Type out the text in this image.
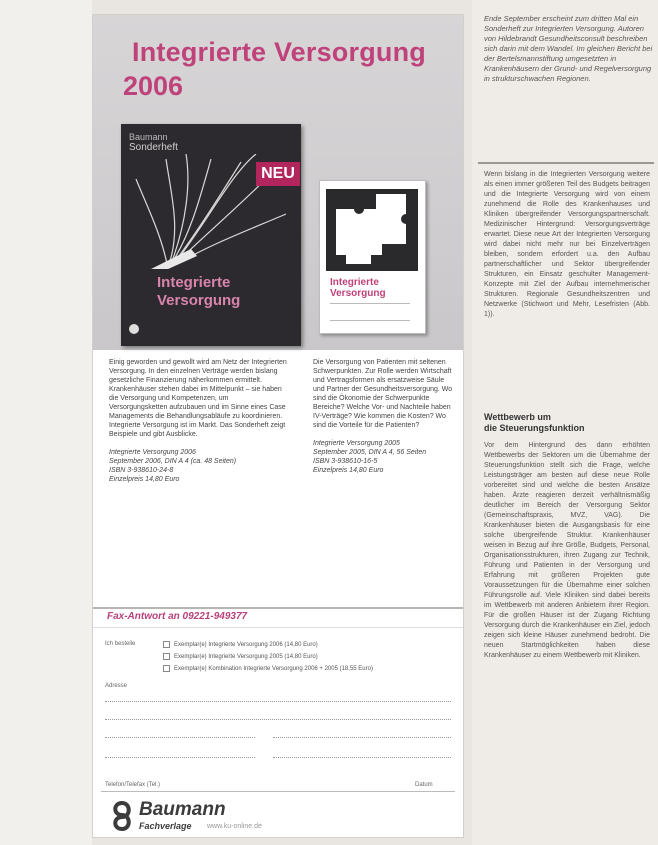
Integrierte Versorgung
2006
Baumann
Sonderheft
Integrierte
Versorgung
NEU
Integrierte
Versorgung

Einig geworden und gewollt wird am Netz der Integrierten Versorgung. In den einzelnen Verträge werden bislang gesetzliche Finanzierung näherkommen ermittelt. Krankenhäuser stehen dabei im Mittelpunkt – sie haben die Versorgung und Kompetenzen, um Versorgungsketten aufzubauen und im Sinne eines Case Managements die Behandlungsabläufe zu koordinieren. Integrierte Versorgung ist im Markt. Das Sonderheft zeigt Beispiele und gibt Ausblicke.

Integrierte Versorgung 2006
September 2006, DIN A 4 (ca. 48 Seiten)
ISBN 3-938610-24-8
Einzelpreis 14,80 Euro

Die Versorgung von Patienten mit seltenen Schwerpunkten. Zur Rolle werden Wirtschaft und Vertragsformen als ersatzweise Säule und Partner der Gesundheitsversorgung. Wo sind die Ökonomie der Schwerpunkte Bereiche? Welche Vor- und Nachteile haben IV-Verträge? Wie kommen die Kosten? Wo sind die Vorteile für die Patienten?

Integrierte Versorgung 2005
September 2005, DIN A 4, 56 Seiten
ISBN 3-938610-16-5
Einzelpreis 14,80 Euro
Fax-Antwort an 09221-949377
Ich bestelle	Exemplar(e) Integrierte Versorgung 2006 (14,80 Euro)
Exemplar(e) Integrierte Versorgung 2005 (14,80 Euro)
Exemplar(e) Kombination Integrierte Versorgung 2006 + 2005 (18,55 Euro)
Adresse
Telefon/Telefax (Tel.)	Datum
Baumann
Fachverlage www.ku-online.de
Ende September erscheint zum dritten Mal ein Sonderheft zur Integrierten Versorgung. Autoren von Hildebrandt Gesundheitsconsult beschreiben sich darin mit dem Wandel. Im gleichen Bericht bei der Bertelsmannstiftung umgesetzten in Krankenhäusern der Grund- und Regelversorgung in strukturschwachen Regionen.
Wenn bislang in die Integrierten Versorgung weitere als einen immer größeren Teil des Budgets beitragen und die Integrierte Versorgung wird von einem zunehmend die Rolle des Krankenhauses und Kliniken übergreifender Versorgungspartnerschaft. Medizinischer Hintergrund: Versorgungsverträge erwartet. Diese neue Art der Integrierten Versorgung wird dabei nicht mehr nur bei Einzelverträgen bleiben, sondern erfordert u.a. den Aufbau partnerschaftlicher und Sektor übergreifender Strukturen, ein Einsatz geschulter Management-Konzepte mit Ziel der Aufbau internehmerischer Strukturen. Regionale Gesundheitszentren und Netzwerke (Stichwort und Mehr, Lesefristen (Abb. 1)).
Wettbewerb um
die Steuerungsfunktion
Vor dem Hintergrund des dann erhöhten Wettbewerbs der Sektoren um die Übernahme der Steuerungsfunktion stellt sich die Frage, welche Leistungsträger am besten auf diese neue Rolle vorbereitet sind und welche die besten Ansätze haben. Ärzte reagieren derzeit verhältnismäßig deutlicher im Bereich der Versorgung Sektor (Gemeinschaftspraxis, MVZ, VAG). Die Krankenhäuser bieten die Ausgangsbasis für eine solche übergreifende Struktur. Krankenhäuser weisen in Bezug auf ihre Größe, Budgets, Personal, Organisationsstrukturen, ihren Zugang zur Technik, Führung und Patienten in der Versorgung und Erfahrung mit größeren Projekten gute Voraussetzungen für die Übernahme einer solchen Führungsrolle auf. Viele Kliniken sind dabei bereits im Wettbewerb mit anderen Anbietern ihrer Region. Für die großen Häuser ist der Zugang Richtung Versorgung durch die Krankenhäuser ein Ziel, jedoch zeigen sich kleine Häuser zunehmend bedroht. Die neuen Startmöglichkeiten haben diese Krankenhäuser zu einem Wettbewerb mit Kliniken.
